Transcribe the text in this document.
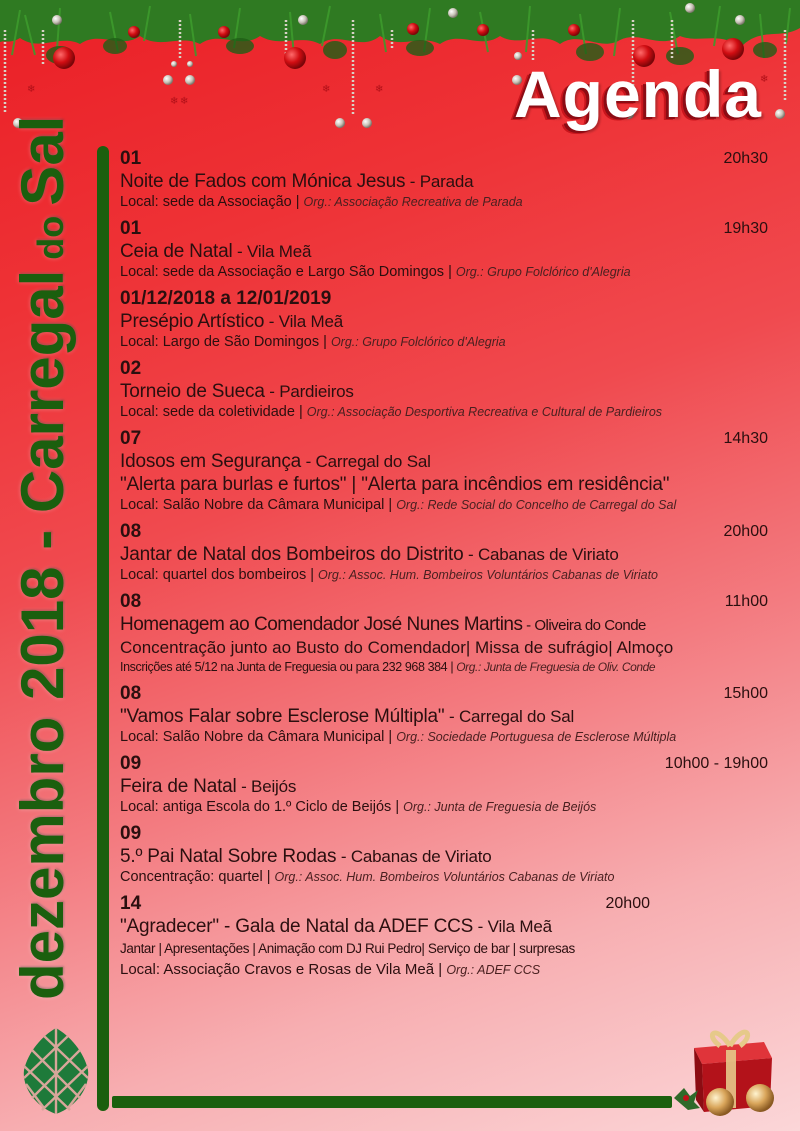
❄
❄ ❄
❄	❄
❄
Agenda
dezembro 2018 - Carregal
do
Sal 01	20h30
Noite de Fados com Mónica Jesus - Parada
Local: sede da Associação | Org.: Associação Recreativa de Parada
01	19h30
Ceia de Natal - Vila Meã
Local: sede da Associação e Largo São Domingos | Org.: Grupo Folclórico d'Alegria
01/12/2018 a 12/01/2019
Presépio Artístico - Vila Meã
Local: Largo de São Domingos | Org.: Grupo Folclórico d'Alegria
02
Torneio de Sueca - Pardieiros
Local: sede da coletividade | Org.: Associação Desportiva Recreativa e Cultural de Pardieiros
07	14h30
Idosos em Segurança - Carregal do Sal
"Alerta para burlas e furtos" | "Alerta para incêndios em residência"
Local: Salão Nobre da Câmara Municipal | Org.: Rede Social do Concelho de Carregal do Sal
08	20h00
Jantar de Natal dos Bombeiros do Distrito - Cabanas de Viriato
Local: quartel dos bombeiros | Org.: Assoc. Hum. Bombeiros Voluntários Cabanas de Viriato
08	11h00
Homenagem ao Comendador José Nunes Martins - Oliveira do Conde
Concentração junto ao Busto do Comendador| Missa de sufrágio| Almoço
Inscrições até 5/12 na Junta de Freguesia ou para 232 968 384 | Org.: Junta de Freguesia de Oliv. Conde
08	15h00
"Vamos Falar sobre Esclerose Múltipla" - Carregal do Sal
Local: Salão Nobre da Câmara Municipal | Org.: Sociedade Portuguesa de Esclerose Múltipla
09	10h00 - 19h00
Feira de Natal - Beijós
Local: antiga Escola do 1.º Ciclo de Beijós | Org.: Junta de Freguesia de Beijós
09
5.º Pai Natal Sobre Rodas - Cabanas de Viriato
Concentração: quartel | Org.: Assoc. Hum. Bombeiros Voluntários Cabanas de Viriato
14	20h00
"Agradecer" - Gala de Natal da ADEF CCS - Vila Meã
Jantar | Apresentações | Animação com DJ Rui Pedro| Serviço de bar | surpresas
Local: Associação Cravos e Rosas de Vila Meã | Org.: ADEF CCS
